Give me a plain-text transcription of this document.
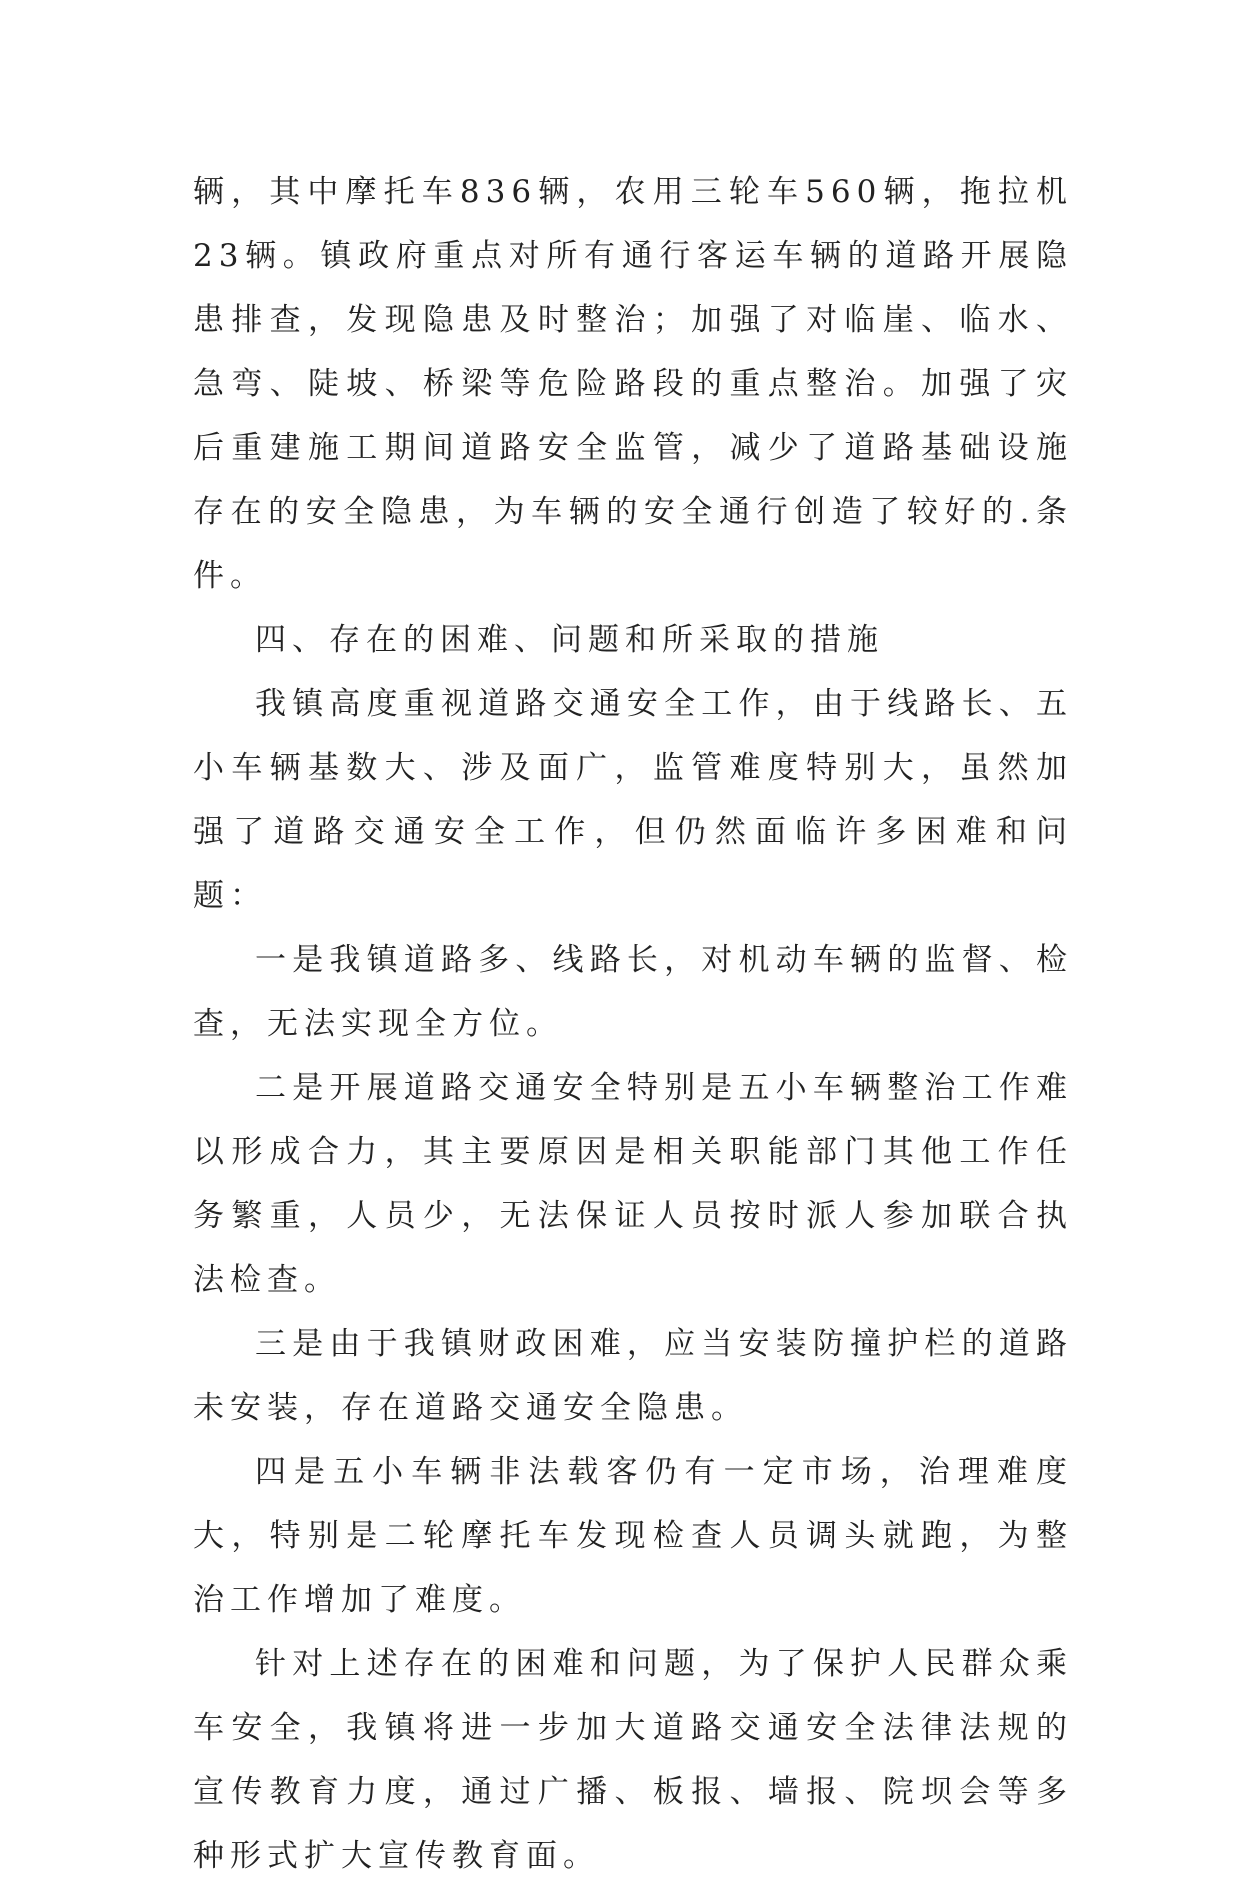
辆，其中摩托车836辆，农用三轮车560辆，拖拉机23辆。镇政府重点对所有通行客运车辆的道路开展隐患排查，发现隐患及时整治；加强了对临崖、临水、急弯、陡坡、桥梁等危险路段的重点整治。加强了灾后重建施工期间道路安全监管，减少了道路基础设施存在的安全隐患，为车辆的安全通行创造了较好的.条件。

四、存在的困难、问题和所采取的措施

我镇高度重视道路交通安全工作，由于线路长、五小车辆基数大、涉及面广，监管难度特别大，虽然加强了道路交通安全工作，但仍然面临许多困难和问题：

一是我镇道路多、线路长，对机动车辆的监督、检查，无法实现全方位。

二是开展道路交通安全特别是五小车辆整治工作难以形成合力，其主要原因是相关职能部门其他工作任务繁重，人员少，无法保证人员按时派人参加联合执法检查。

三是由于我镇财政困难，应当安装防撞护栏的道路未安装，存在道路交通安全隐患。

四是五小车辆非法载客仍有一定市场，治理难度大，特别是二轮摩托车发现检查人员调头就跑，为整治工作增加了难度。

针对上述存在的困难和问题，为了保护人民群众乘车安全，我镇将进一步加大道路交通安全法律法规的宣传教育力度，通过广播、板报、墙报、院坝会等多种形式扩大宣传教育面。
